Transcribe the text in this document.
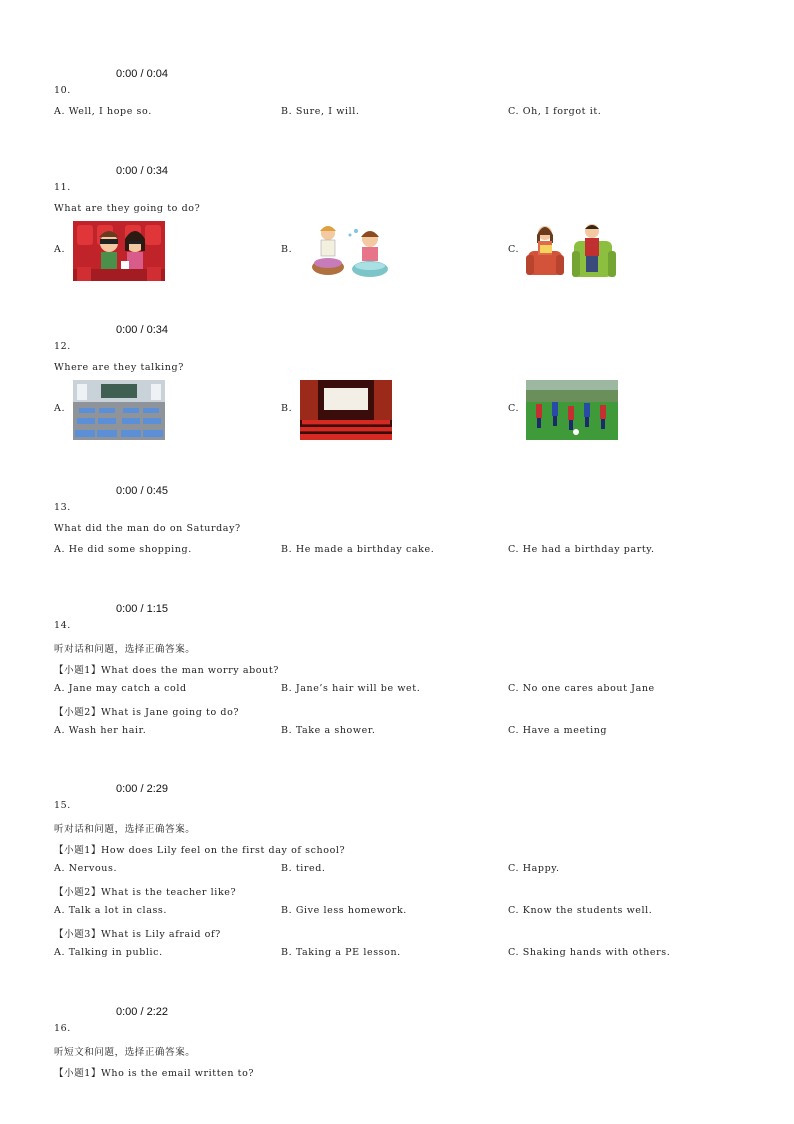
0:00 / 0:04
10.
A. Well, I hope so.	B. Sure, I will.	C. Oh, I forgot it.
0:00 / 0:34
11.
What are they going to do?
A.	B.	C.
0:00 / 0:34
12.
Where are they talking?
A.	B.	C.
0:00 / 0:45
13.
What did the man do on Saturday?
A. He did some shopping.	B. He made a birthday cake.	C. He had a birthday party.
0:00 / 1:15
14.
听对话和问题，选择正确答案。
【小题1】What does the man worry about?
A. Jane may catch a cold	B. Jane’s hair will be wet.	C. No one cares about Jane
【小题2】What is Jane going to do?
A. Wash her hair.	B. Take a shower.	C. Have a meeting
0:00 / 2:29
15.
听对话和问题，选择正确答案。
【小题1】How does Lily feel on the first day of school?
A. Nervous.	B. tired.	C. Happy.
【小题2】What is the teacher like?
A. Talk a lot in class.	B. Give less homework.	C. Know the students well.
【小题3】What is Lily afraid of?
A. Talking in public.	B. Taking a PE lesson.	C. Shaking hands with others.
0:00 / 2:22
16.
听短文和问题，选择正确答案。
【小题1】Who is the email written to?
